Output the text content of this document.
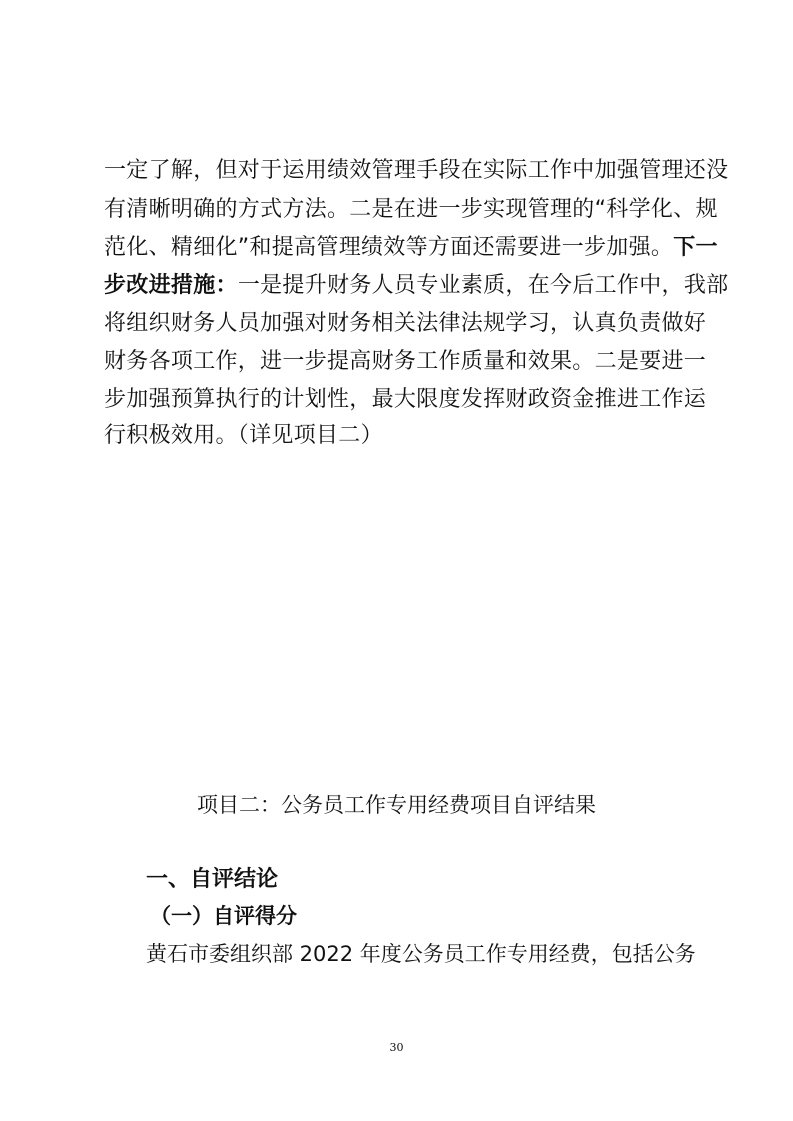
一定了解，但对于运用绩效管理手段在实际工作中加强管理还没
有清晰明确的方式方法。二是在进一步实现管理的“科学化、规
范化、精细化”和提高管理绩效等方面还需要进一步加强。下一
步改进措施：一是提升财务人员专业素质，在今后工作中，我部
将组织财务人员加强对财务相关法律法规学习，认真负责做好
财务各项工作，进一步提高财务工作质量和效果。二是要进一
步加强预算执行的计划性，最大限度发挥财政资金推进工作运
行积极效用。（详见项目二）
项目二：公务员工作专用经费项目自评结果
一、自评结论
（一）自评得分
黄石市委组织部 2022 年度公务员工作专用经费，包括公务
30
